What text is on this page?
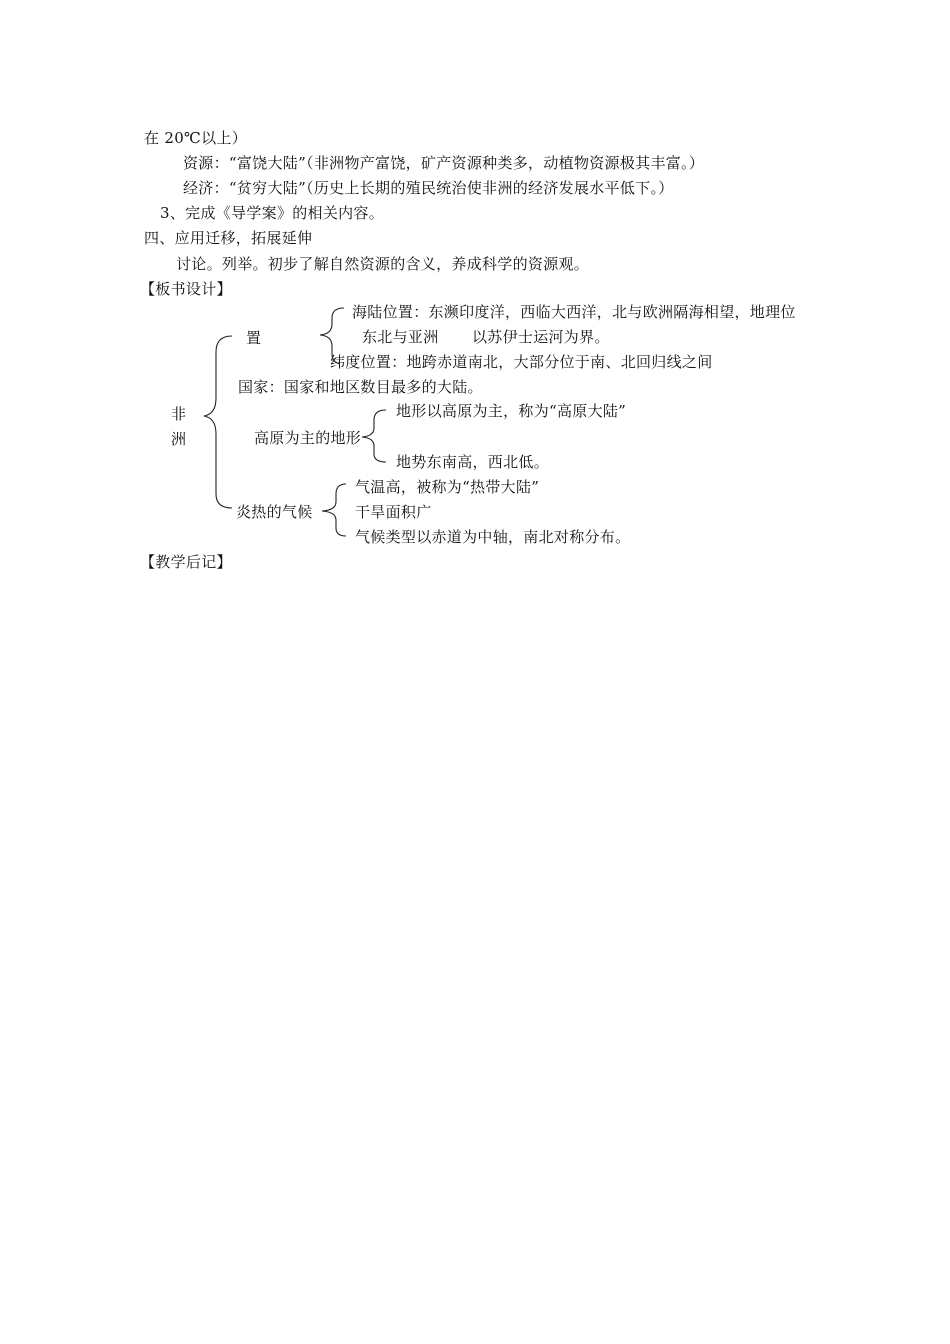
在 20℃以上）
资源：“富饶大陆”（非洲物产富饶，矿产资源种类多，动植物资源极其丰富。）
经济：“贫穷大陆”（历史上长期的殖民统治使非洲的经济发展水平低下。）
3、完成《导学案》的相关内容。
四、应用迁移，拓展延伸
讨论。列举。初步了解自然资源的含义，养成科学的资源观。
【板书设计】
非
洲
置
海陆位置：东濒印度洋，西临大西洋，北与欧洲隔海相望，地理位
东北与亚洲 以苏伊士运河为界。
纬度位置：地跨赤道南北，大部分位于南、北回归线之间
国家：国家和地区数目最多的大陆。
高原为主的地形
地形以高原为主，称为“高原大陆”
地势东南高，西北低。
炎热的气候
气温高，被称为“热带大陆”
干旱面积广
气候类型以赤道为中轴，南北对称分布。
【教学后记】
